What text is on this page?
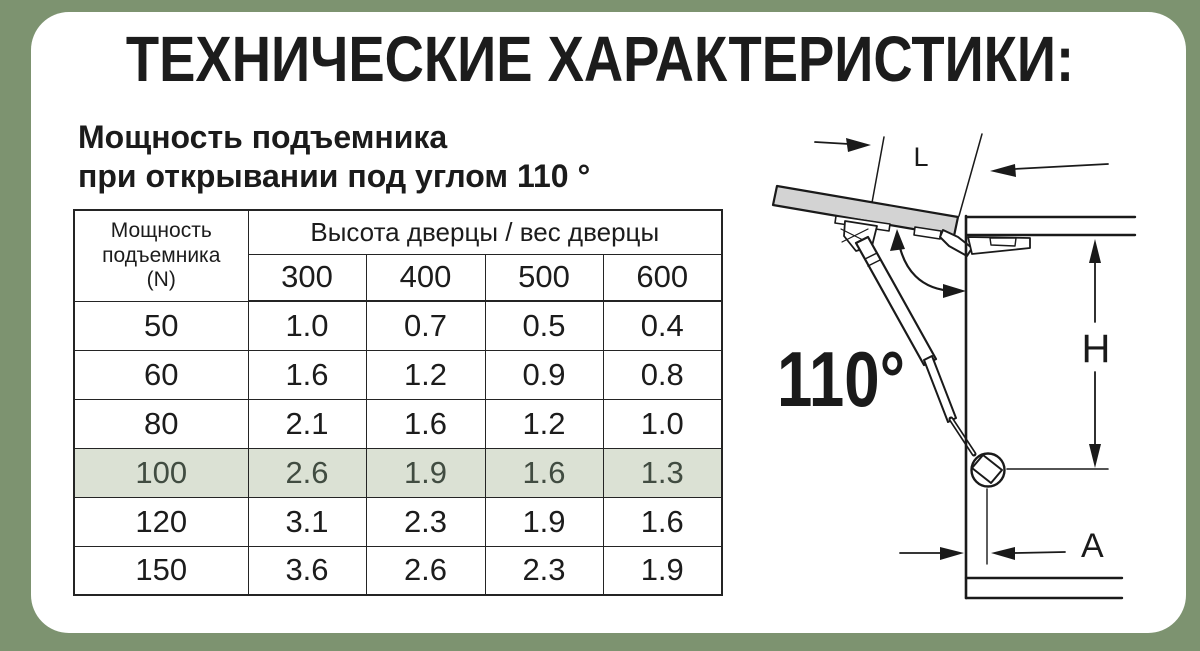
ТЕХНИЧЕСКИЕ ХАРАКТЕРИСТИКИ:
Мощность подъемника
при открывании под углом 110 °
Мощность
подъемника
(N)	Высота дверцы / вес дверцы			
	300	400	500	600
50	1.0	0.7	0.5	0.4
60	1.6	1.2	0.9	0.8
80	2.1	1.6	1.2	1.0
100	2.6	1.9	1.6	1.3
120	3.1	2.3	1.9	1.6
150	3.6	2.6	2.3	1.9
L
H
A
110°
